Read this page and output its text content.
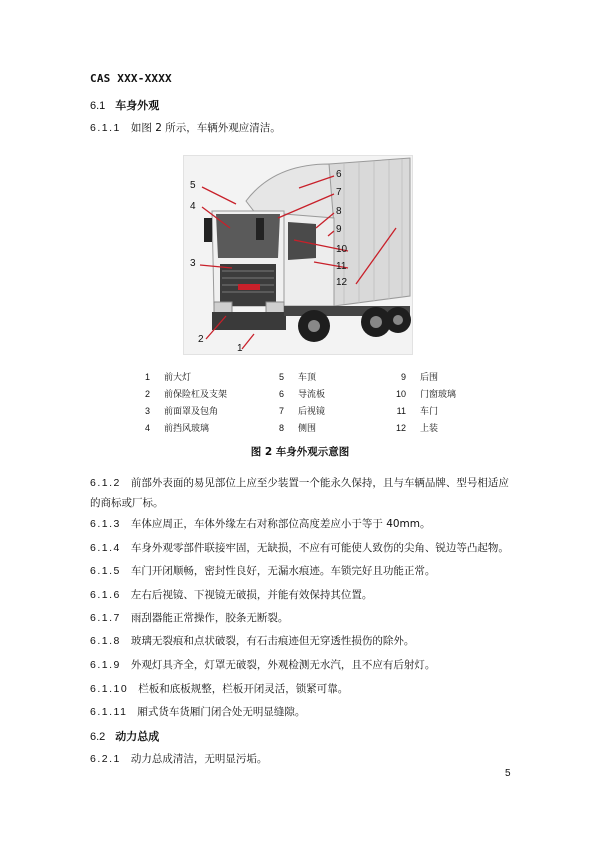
CAS XXX-XXXX
6.1 车身外观
6.1.1 如图 2 所示，车辆外观应清洁。
5
4
3
2
1
6
7
8
9
10
11
12
1 前大灯
2 前保险杠及支架
3 前面罩及包角
4 前挡风玻璃
5 车顶
6 导流板
7 后视镜
8 侧围
9 后围
10 门窗玻璃
11 车门
12 上装
图 2 车身外观示意图
6.1.2 前部外表面的易见部位上应至少装置一个能永久保持，且与车辆品牌、型号相适应
的商标或厂标。
6.1.3 车体应周正，车体外缘左右对称部位高度差应小于等于 40mm。
6.1.4 车身外观零部件联接牢固，无缺损，不应有可能使人致伤的尖角、锐边等凸起物。
6.1.5 车门开闭顺畅，密封性良好，无漏水痕迹。车锁完好且功能正常。
6.1.6 左右后视镜、下视镜无破损，并能有效保持其位置。
6.1.7 雨刮器能正常操作，胶条无断裂。
6.1.8 玻璃无裂痕和点状破裂，有石击痕迹但无穿透性损伤的除外。
6.1.9 外观灯具齐全，灯罩无破裂，外观检测无水汽，且不应有后射灯。
6.1.10 栏板和底板规整，栏板开闭灵活，锁紧可靠。
6.1.11 厢式货车货厢门闭合处无明显缝隙。
6.2 动力总成
6.2.1 动力总成清洁，无明显污垢。
5
